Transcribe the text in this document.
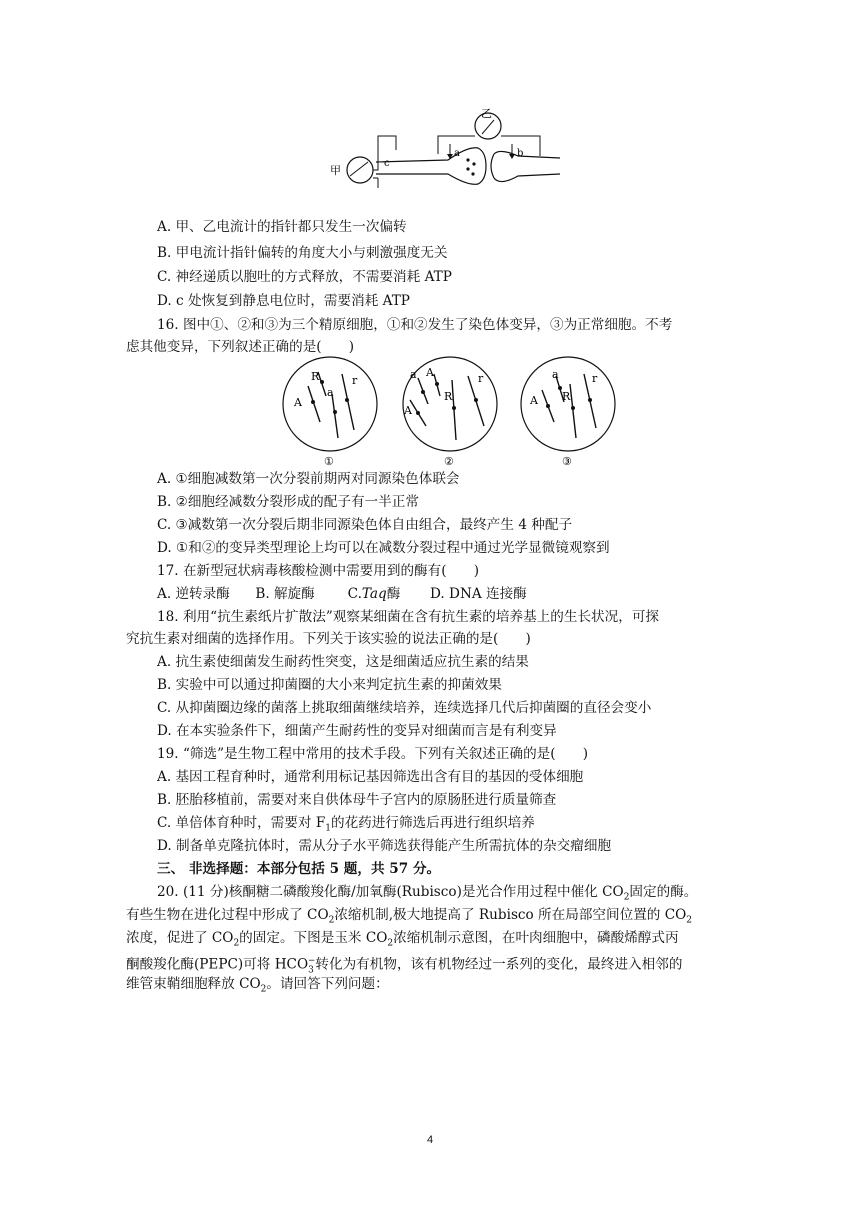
甲
c
乙
a	b
A. 甲、乙电流计的指针都只发生一次偏转
B. 甲电流计指针偏转的角度大小与刺激强度无关
C. 神经递质以胞吐的方式释放，不需要消耗 ATP
D. c 处恢复到静息电位时，需要消耗 ATP
16. 图中①、②和③为三个精原细胞，①和②发生了染色体变异，③为正常细胞。不考
虑其他变异，下列叙述正确的是(　　)
R	r
A
a
①
a A
R
r
A
②
a
A R
r
③
A. ①细胞减数第一次分裂前期两对同源染色体联会
B. ②细胞经减数分裂形成的配子有一半正常
C. ③减数第一次分裂后期非同源染色体自由组合，最终产生 4 种配子
D. ①和②的变异类型理论上均可以在减数分裂过程中通过光学显微镜观察到
17. 在新型冠状病毒核酸检测中需要用到的酶有(　　)
A. 逆转录酶 B. 解旋酶 C.Taq酶 D. DNA 连接酶
18. 利用“抗生素纸片扩散法”观察某细菌在含有抗生素的培养基上的生长状况，可探
究抗生素对细菌的选择作用。下列关于该实验的说法正确的是(　　)
A. 抗生素使细菌发生耐药性突变，这是细菌适应抗生素的结果
B. 实验中可以通过抑菌圈的大小来判定抗生素的抑菌效果
C. 从抑菌圈边缘的菌落上挑取细菌继续培养，连续选择几代后抑菌圈的直径会变小
D. 在本实验条件下，细菌产生耐药性的变异对细菌而言是有利变异
19. “筛选”是生物工程中常用的技术手段。下列有关叙述正确的是(　　)
A. 基因工程育种时，通常利用标记基因筛选出含有目的基因的受体细胞
B. 胚胎移植前，需要对来自供体母牛子宫内的原肠胚进行质量筛查
C. 单倍体育种时，需要对 $F_1$的花药进行筛选后再进行组织培养
D. 制备单克隆抗体时，需从分子水平筛选获得能产生所需抗体的杂交瘤细胞
三、 非选择题：本部分包括 5 题，共 57 分。
20. (11 分)核酮糖二磷酸羧化酶/加氧酶(Rubisco)是光合作用过程中催化 $CO_2$固定的酶。
有些生物在进化过程中形成了 $CO_2$浓缩机制,极大地提高了 Rubisco 所在局部空间位置的 $CO_2$
浓度，促进了 $CO_2$的固定。下图是玉米 $CO_2$浓缩机制示意图，在叶肉细胞中，磷酸烯醇式丙
酮酸羧化酶(PEPC)可将 $HCO_3^-$转化为有机物，该有机物经过一系列的变化，最终进入相邻的
维管束鞘细胞释放 $CO_2$。请回答下列问题：
4
